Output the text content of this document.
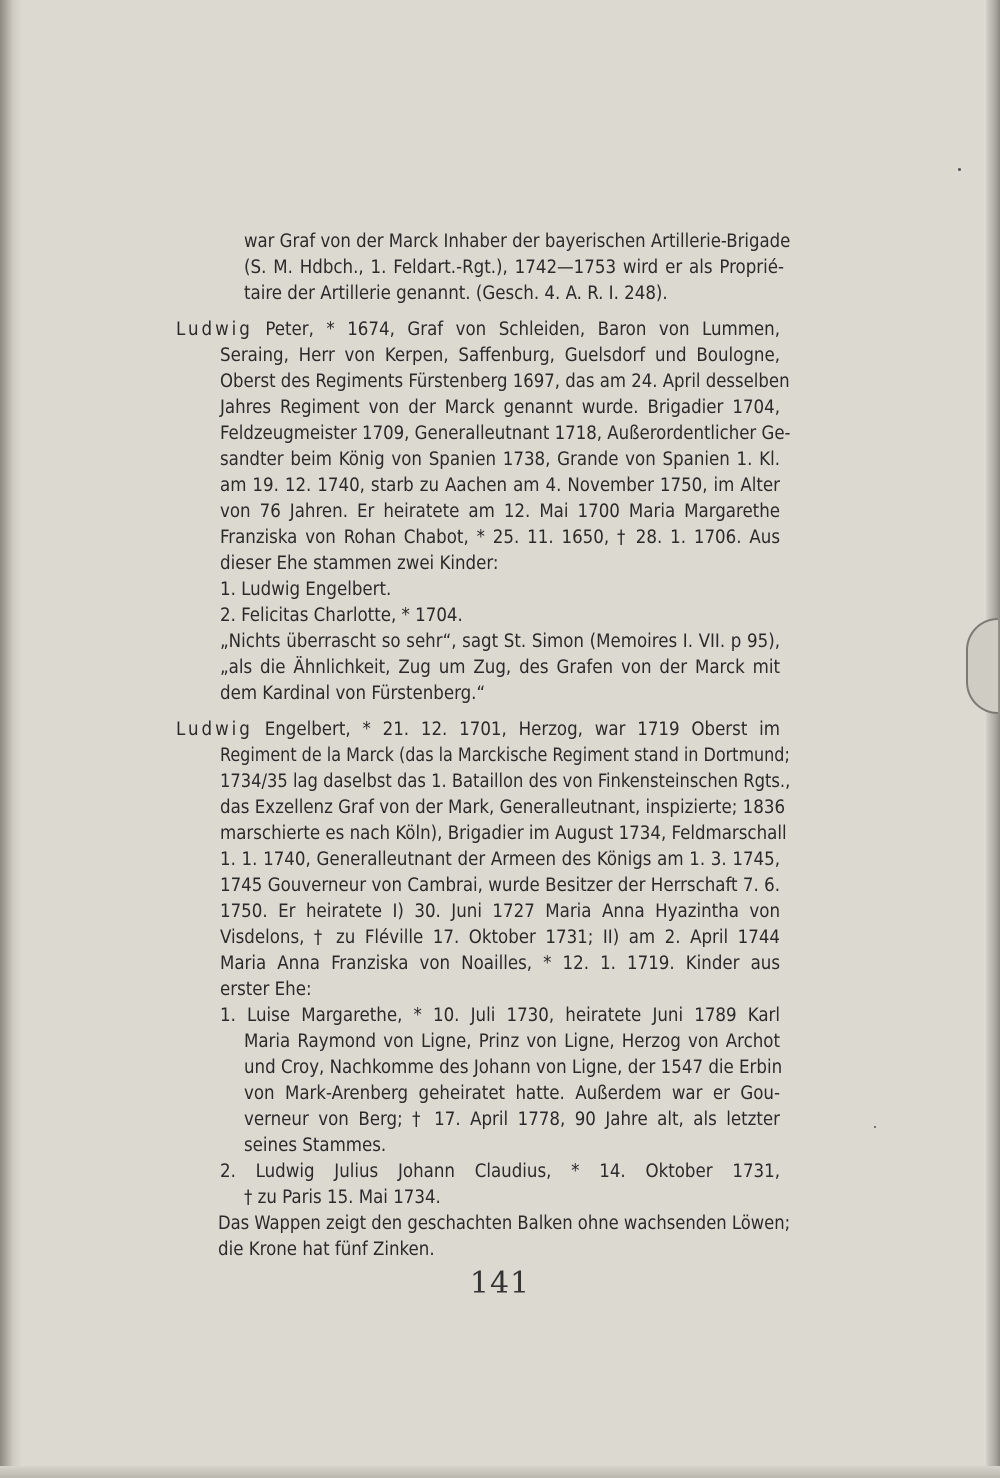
war Graf von der Marck Inhaber der bayerischen Artillerie-Brigade
(S. M. Hdbch., 1. Feldart.-Rgt.), 1742—1753 wird er als Proprié-
taire der Artillerie genannt. (Gesch. 4. A. R. I. 248).
Ludwig Peter, * 1674, Graf von Schleiden, Baron von Lummen,
Seraing, Herr von Kerpen, Saffenburg, Guelsdorf und Boulogne,
Oberst des Regiments Fürstenberg 1697, das am 24. April desselben
Jahres Regiment von der Marck genannt wurde. Brigadier 1704,
Feldzeugmeister 1709, Generalleutnant 1718, Außerordentlicher Ge-
sandter beim König von Spanien 1738, Grande von Spanien 1. Kl.
am 19. 12. 1740, starb zu Aachen am 4. November 1750, im Alter
von 76 Jahren. Er heiratete am 12. Mai 1700 Maria Margarethe
Franziska von Rohan Chabot, * 25. 11. 1650, † 28. 1. 1706. Aus
dieser Ehe stammen zwei Kinder:
1. Ludwig Engelbert.
2. Felicitas Charlotte, * 1704.
„Nichts überrascht so sehr“, sagt St. Simon (Memoires I. VII. p 95),
„als die Ähnlichkeit, Zug um Zug, des Grafen von der Marck mit
dem Kardinal von Fürstenberg.“
Ludwig Engelbert, * 21. 12. 1701, Herzog, war 1719 Oberst im
Regiment de la Marck (das la Marckische Regiment stand in Dortmund;
1734/35 lag daselbst das 1. Bataillon des von Finkensteinschen Rgts.,
das Exzellenz Graf von der Mark, Generalleutnant, inspizierte; 1836
marschierte es nach Köln), Brigadier im August 1734, Feldmarschall
1. 1. 1740, Generalleutnant der Armeen des Königs am 1. 3. 1745,
1745 Gouverneur von Cambrai, wurde Besitzer der Herrschaft 7. 6.
1750. Er heiratete I) 30. Juni 1727 Maria Anna Hyazintha von
Visdelons, † zu Fléville 17. Oktober 1731; II) am 2. April 1744
Maria Anna Franziska von Noailles, * 12. 1. 1719. Kinder aus
erster Ehe:
1. Luise Margarethe, * 10. Juli 1730, heiratete Juni 1789 Karl
Maria Raymond von Ligne, Prinz von Ligne, Herzog von Archot
und Croy, Nachkomme des Johann von Ligne, der 1547 die Erbin
von Mark-Arenberg geheiratet hatte. Außerdem war er Gou-
verneur von Berg; † 17. April 1778, 90 Jahre alt, als letzter
seines Stammes.
2. Ludwig Julius Johann Claudius, * 14. Oktober 1731,
† zu Paris 15. Mai 1734.
Das Wappen zeigt den geschachten Balken ohne wachsenden Löwen;
die Krone hat fünf Zinken.
141
